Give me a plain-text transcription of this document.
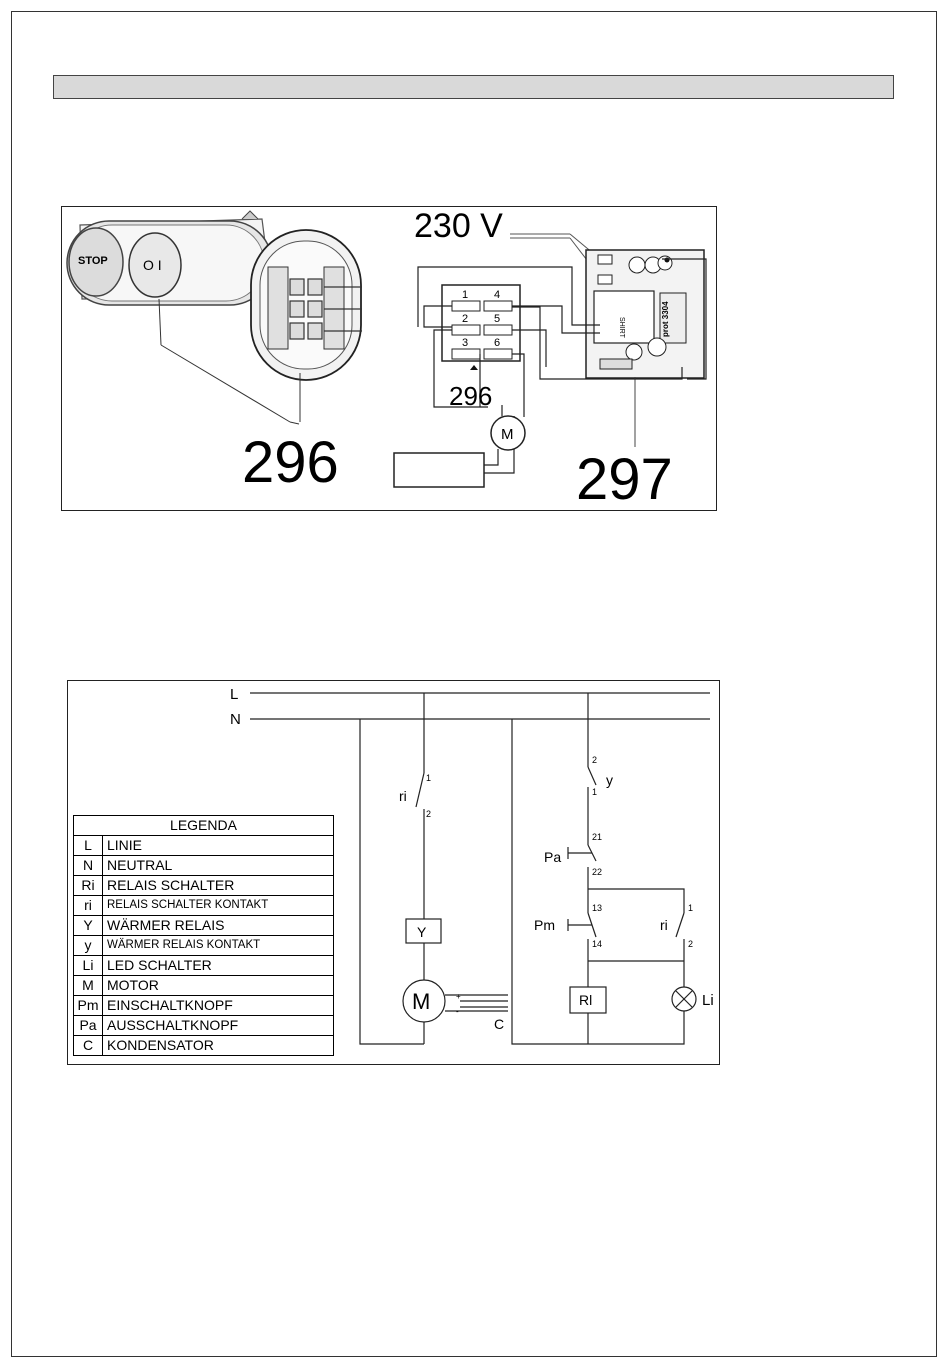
STOP	O I
296
230 V
prot 3304
SHIRT
297
1 4
2 5
3 6
296
M
L
N
1
2
ri
Y
M	+
-
C
2
1
y
21
Pa
22
13
Pm
14
1
ri
2
Rl	Li
LEGENDA	
L	LINIE
N	NEUTRAL
Ri	RELAIS SCHALTER
ri	RELAIS SCHALTER KONTAKT
Y	WÄRMER RELAIS
y	WÄRMER RELAIS KONTAKT
Li	LED SCHALTER
M	MOTOR
Pm	EINSCHALTKNOPF
Pa	AUSSCHALTKNOPF
C	KONDENSATOR
